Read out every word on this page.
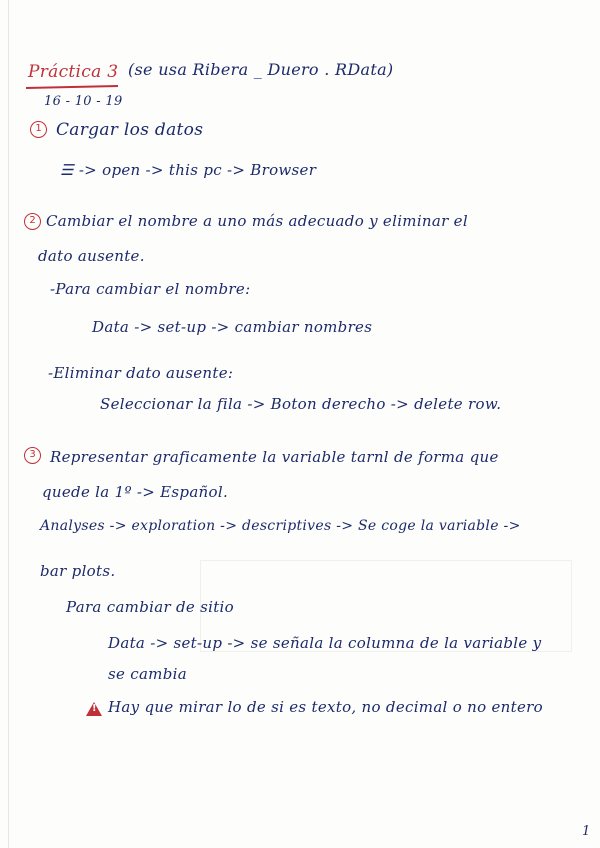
Práctica 3 (se usa Ribera _ Duero . RData)
16 - 10 - 19
1 Cargar los datos
☰ -> open -> this pc -> Browser
2 Cambiar el nombre a uno más adecuado y eliminar el
dato ausente.
-Para cambiar el nombre:
Data -> set-up -> cambiar nombres
-Eliminar dato ausente:
Seleccionar la fila -> Boton derecho -> delete row.
3 Representar graficamente la variable tarnl de forma que
quede la 1º -> Español.
Analyses -> exploration -> descriptives -> Se coge la variable ->
bar plots.
Para cambiar de sitio
Data -> set-up -> se señala la columna de la variable y
se cambia
!
Hay que mirar lo de si es texto, no decimal o no entero
1
